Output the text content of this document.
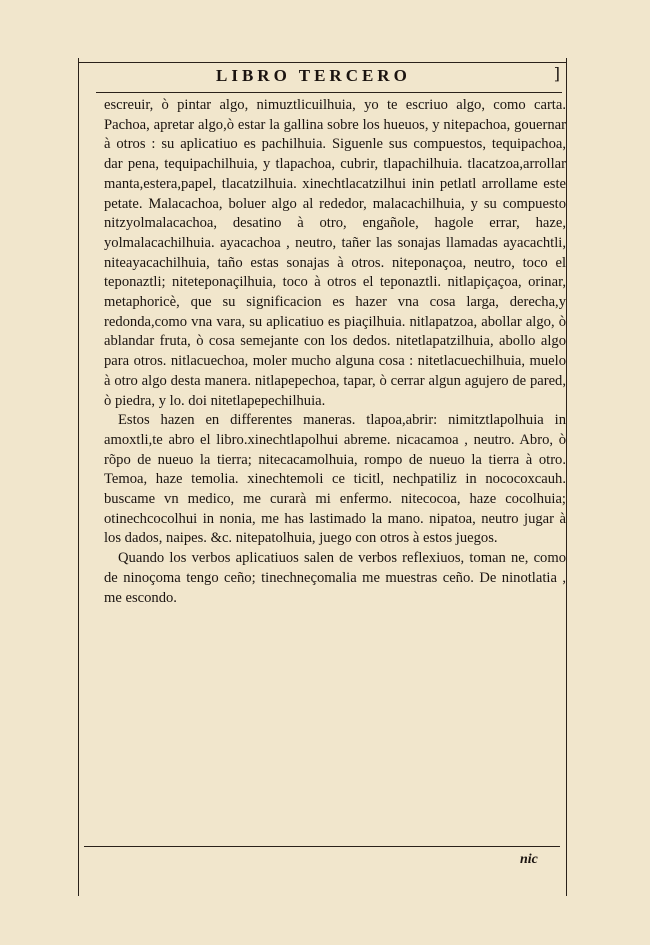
LIBRO TERCERO	]

escreuir, ò pintar algo, nimuztlicuilhuia, yo te escriuo algo, como carta. Pachoa, apretar algo,ò estar la gallina sobre los hueuos, y nitepachoa, gouernar à otros : su aplicatiuo es pachilhuia. Siguenle sus compuestos, tequipachoa, dar pena, tequipachilhuia, y tlapachoa, cubrir, tlapachilhuia. tlacatzoa,arrollar manta,estera,papel, tlacatzilhuia. xinechtlacatzilhui inin petlatl arrollame este petate. Malacachoa, boluer algo al rededor, malacachilhuia, y su compuesto nitzyolmalacachoa, desatino à otro, engañole, hagole errar, haze, yolmalacachilhuia. ayacachoa , neutro, tañer las sonajas llamadas ayacachtli, niteayacachilhuia, taño estas sonajas à otros. niteponaçoa, neutro, toco el teponaztli; niteteponaçilhuia, toco à otros el teponaztli. nitlapiçaçoa, orinar, metaphoricè, que su significacion es hazer vna cosa larga, derecha,y redonda,como vna vara, su aplicatiuo es piaçilhuia. nitlapatzoa, abollar algo, ò ablandar fruta, ò cosa semejante con los dedos. nitetlapatzilhuia, abollo algo para otros. nitlacuechoa, moler mucho alguna cosa : nitetlacuechilhuia, muelo à otro algo desta manera. nitlapepechoa, tapar, ò cerrar algun agujero de pared, ò piedra, y lo. doi nitetlapepechilhuia.

Estos hazen en differentes maneras. tlapoa,abrir: nimitztlapolhuia in amoxtli,te abro el libro.xinechtlapolhui abreme. nicacamoa , neutro. Abro, ò rõpo de nueuo la tierra; nitecacamolhuia, rompo de nueuo la tierra à otro. Temoa, haze temolia. xinechtemoli ce ticitl, nechpatiliz in nococoxcauh. buscame vn medico, me curarà mi enfermo. nitecocoa, haze cocolhuia; otinechcocolhui in nonia, me has lastimado la mano. nipatoa, neutro jugar à los dados, naipes. &c. nitepatolhuia, juego con otros à estos juegos.

Quando los verbos aplicatiuos salen de verbos reflexiuos, toman ne, como de ninoçoma tengo ceño; tinechneçomalia me muestras ceño. De ninotlatia , me escondo.

nic
